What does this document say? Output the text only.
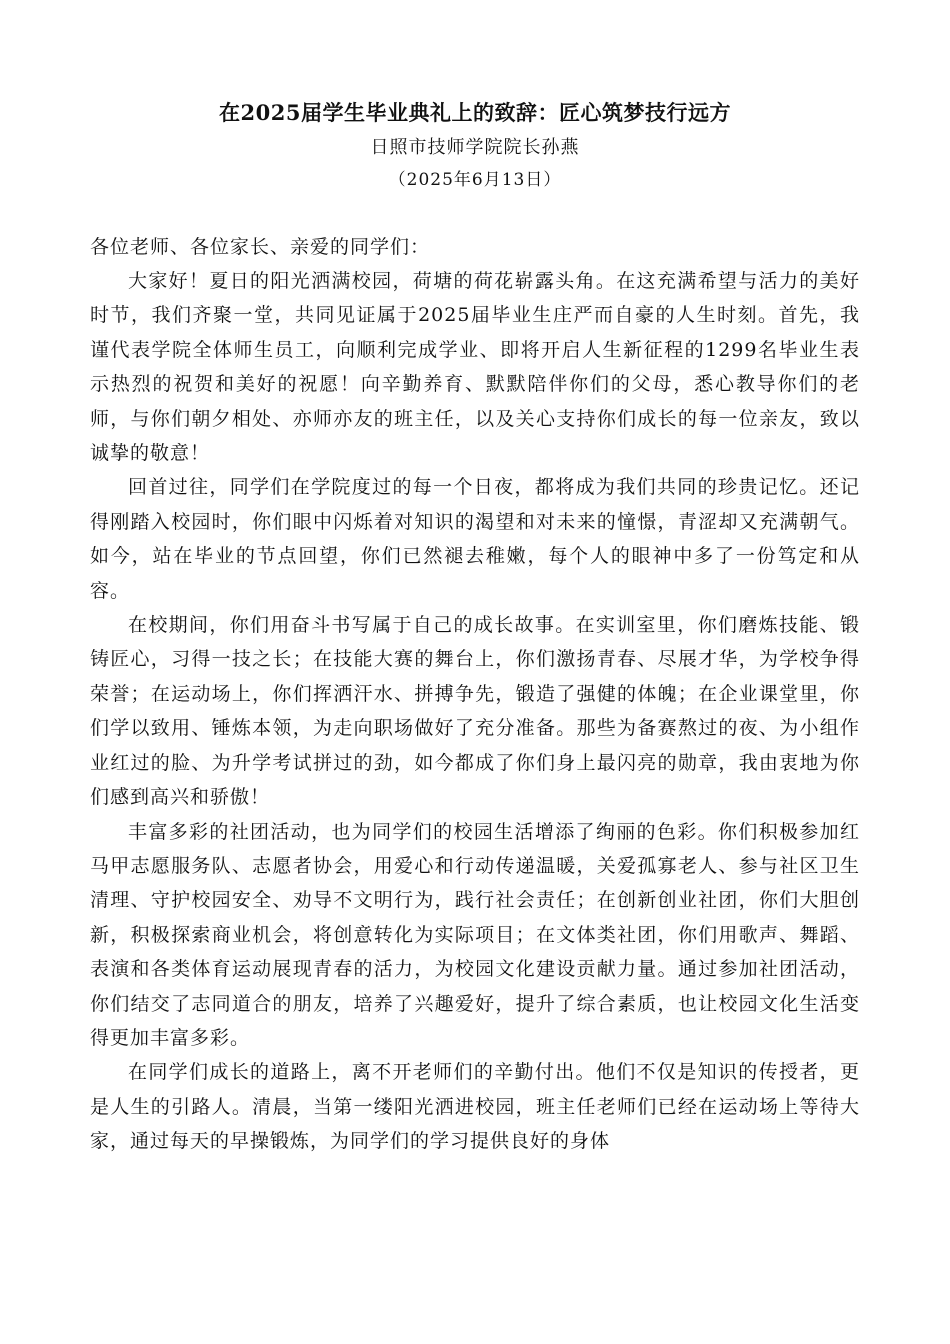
在2025届学生毕业典礼上的致辞：匠心筑梦技行远方
日照市技师学院院长孙燕
（2025年6月13日）

各位老师、各位家长、亲爱的同学们：

大家好！夏日的阳光洒满校园，荷塘的荷花崭露头角。在这充满希望与活力的美好时节，我们齐聚一堂，共同见证属于2025届毕业生庄严而自豪的人生时刻。首先，我谨代表学院全体师生员工，向顺利完成学业、即将开启人生新征程的1299名毕业生表示热烈的祝贺和美好的祝愿！向辛勤养育、默默陪伴你们的父母，悉心教导你们的老师，与你们朝夕相处、亦师亦友的班主任，以及关心支持你们成长的每一位亲友，致以诚挚的敬意！

回首过往，同学们在学院度过的每一个日夜，都将成为我们共同的珍贵记忆。还记得刚踏入校园时，你们眼中闪烁着对知识的渴望和对未来的憧憬，青涩却又充满朝气。如今，站在毕业的节点回望，你们已然褪去稚嫩，每个人的眼神中多了一份笃定和从容。

在校期间，你们用奋斗书写属于自己的成长故事。在实训室里，你们磨炼技能、锻铸匠心，习得一技之长；在技能大赛的舞台上，你们激扬青春、尽展才华，为学校争得荣誉；在运动场上，你们挥洒汗水、拼搏争先，锻造了强健的体魄；在企业课堂里，你们学以致用、锤炼本领，为走向职场做好了充分准备。那些为备赛熬过的夜、为小组作业红过的脸、为升学考试拼过的劲，如今都成了你们身上最闪亮的勋章，我由衷地为你们感到高兴和骄傲！

丰富多彩的社团活动，也为同学们的校园生活增添了绚丽的色彩。你们积极参加红马甲志愿服务队、志愿者协会，用爱心和行动传递温暖，关爱孤寡老人、参与社区卫生清理、守护校园安全、劝导不文明行为，践行社会责任；在创新创业社团，你们大胆创新，积极探索商业机会，将创意转化为实际项目；在文体类社团，你们用歌声、舞蹈、表演和各类体育运动展现青春的活力，为校园文化建设贡献力量。通过参加社团活动，你们结交了志同道合的朋友，培养了兴趣爱好，提升了综合素质，也让校园文化生活变得更加丰富多彩。

在同学们成长的道路上，离不开老师们的辛勤付出。他们不仅是知识的传授者，更是人生的引路人。清晨，当第一缕阳光洒进校园，班主任老师们已经在运动场上等待大家，通过每天的早操锻炼，为同学们的学习提供良好的身体
